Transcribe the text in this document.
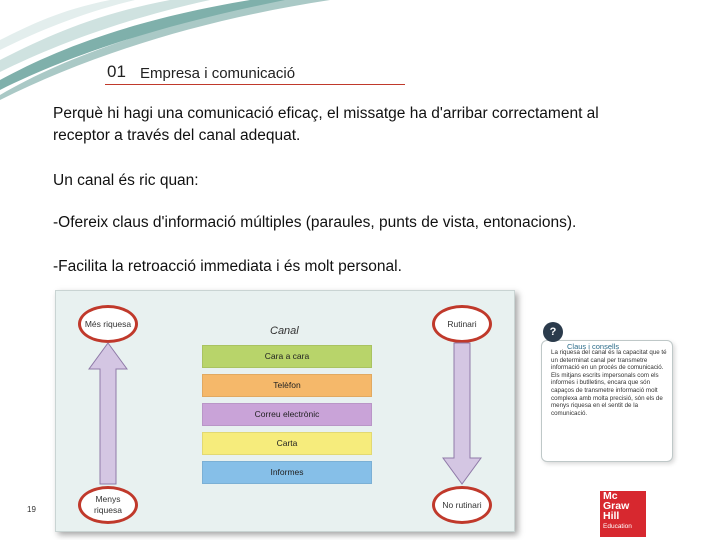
01 Empresa i comunicació
Perquè hi hagi una comunicació eficaç, el missatge ha d'arribar correctament al receptor a través del canal adequat.
Un canal és ric quan:
-Ofereix claus d'informació múltiples (paraules, punts de vista, entonacions).
-Facilita la retroacció immediata i és molt personal.
Més riquesa
Menys riquesa
Rutinari
No rutinari
Canal
Cara a cara
Telèfon
Correu electrònic
Carta
Informes
19
Claus i consells
La riquesa del canal és la capacitat que té un determinat canal per transmetre informació en un procés de comunicació. Els mitjans escrits impersonals com els informes i butlletins, encara que són capaços de transmetre informació molt complexa amb molta precisió, són els de menys riquesa en el sentit de la comunicació.
?
Mc
Graw
Hill
Education
